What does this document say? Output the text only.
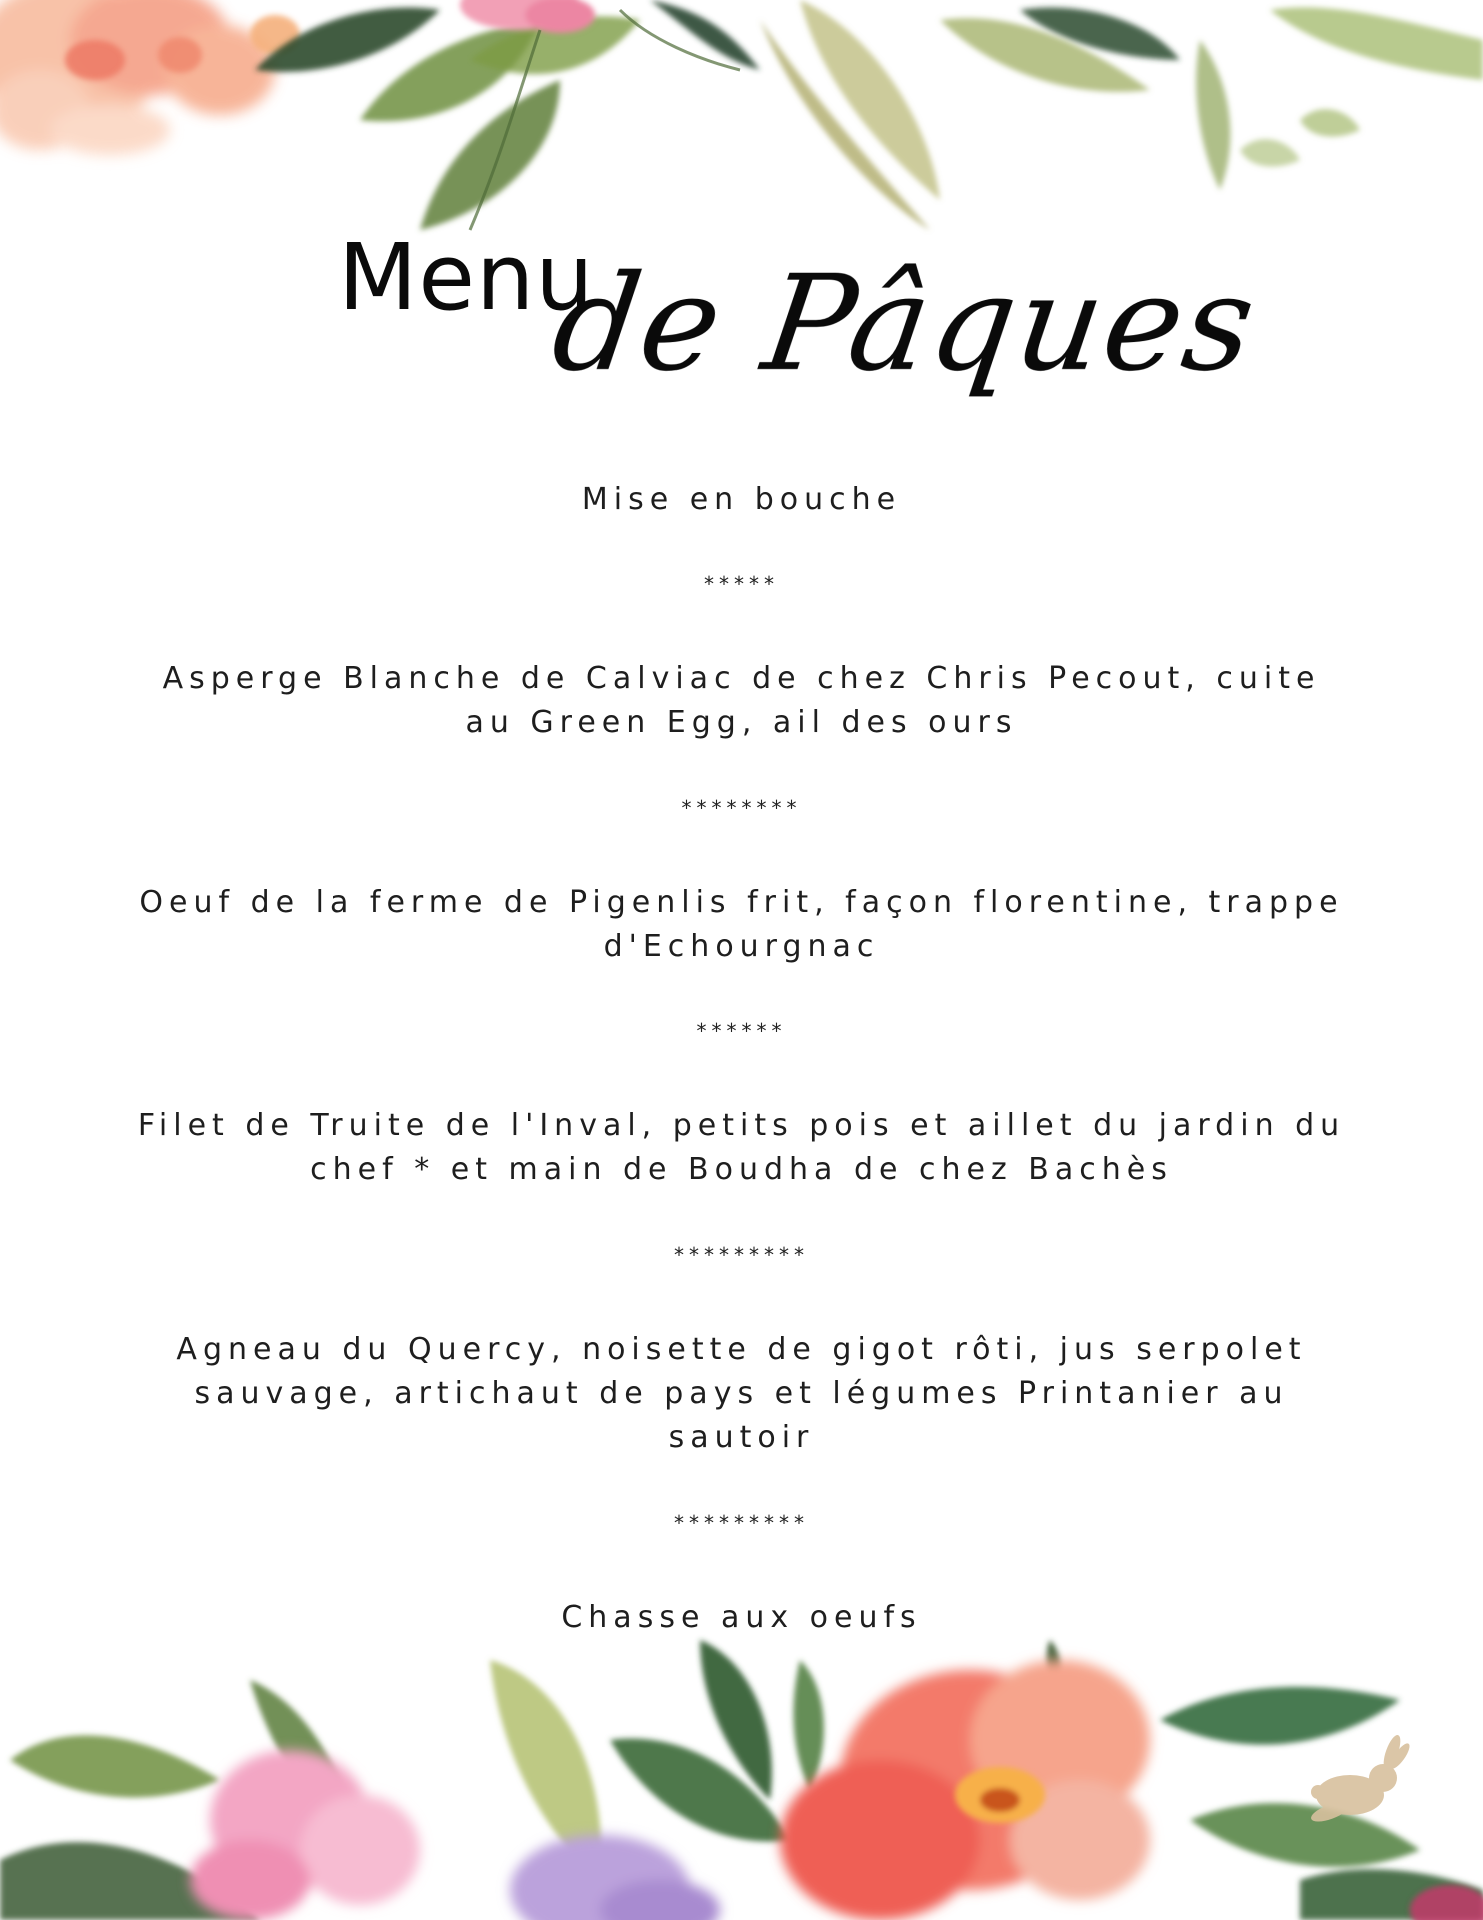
Menu
de Pâques
Mise en bouche
*****
Asperge Blanche de Calviac de chez Chris Pecout, cuite
au Green Egg, ail des ours
********
Oeuf de la ferme de Pigenlis frit, façon florentine, trappe
d'Echourgnac
******
Filet de Truite de l'Inval, petits pois et aillet du jardin du
chef * et main de Boudha de chez Bachès
*********
Agneau du Quercy, noisette de gigot rôti, jus serpolet
sauvage, artichaut de pays et légumes Printanier au
sautoir
*********
Chasse aux oeufs
